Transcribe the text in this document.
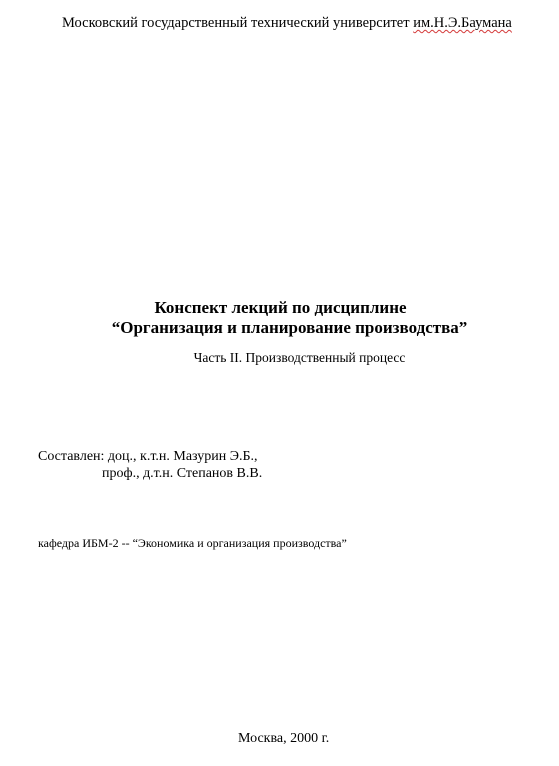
Московский государственный технический университет им.Н.Э.Баумана
Конспект лекций по дисциплине
“Организация и планирование производства”
Часть II. Производственный процесс
Составлен: доц., к.т.н. Мазурин Э.Б.,
проф., д.т.н. Степанов В.В.
кафедра ИБМ-2 -- “Экономика и организация производства”
Москва, 2000 г.
